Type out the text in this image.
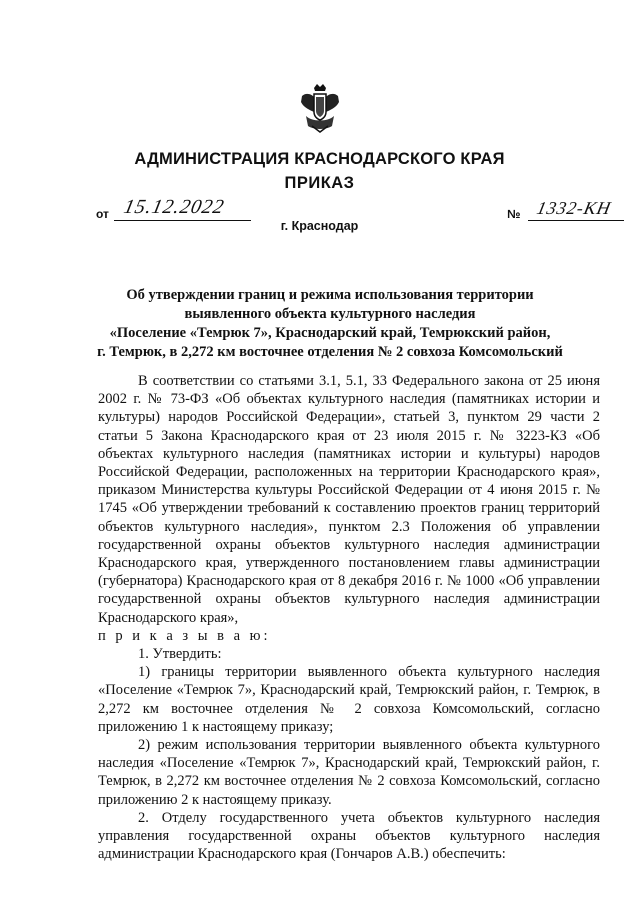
АДМИНИСТРАЦИЯ КРАСНОДАРСКОГО КРАЯ
ПРИКАЗ
от 15.12.2022
г. Краснодар
№ 1332-КН
Об утверждении границ и режима использования территории
выявленного объекта культурного наследия
«Поселение «Темрюк 7», Краснодарский край, Темрюкский район,
г. Темрюк, в 2,272 км восточнее отделения № 2 совхоза Комсомольский

В соответствии со статьями 3.1, 5.1, 33 Федерального закона от 25 июня 2002 г. № 73-ФЗ «Об объектах культурного наследия (памятниках истории и культуры) народов Российской Федерации», статьей 3, пунктом 29 части 2 статьи 5 Закона Краснодарского края от 23 июля 2015 г. № 3223-КЗ «Об объектах культурного наследия (памятниках истории и культуры) народов Российской Федерации, расположенных на территории Краснодарского края», приказом Министерства культуры Российской Федерации от 4 июня 2015 г. № 1745 «Об утверждении требований к составлению проектов границ территорий объектов культурного наследия», пунктом 2.3 Положения об управлении государственной охраны объектов культурного наследия администрации Краснодарского края, утвержденного постановлением главы администрации (губернатора) Краснодарского края от 8 декабря 2016 г. № 1000 «Об управлении государственной охраны объектов культурного наследия администрации Краснодарского края»,

п р и к а з ы в а ю:

1. Утвердить:

1) границы территории выявленного объекта культурного наследия «Поселение «Темрюк 7», Краснодарский край, Темрюкский район, г. Темрюк, в 2,272 км восточнее отделения № 2 совхоза Комсомольский, согласно приложению 1 к настоящему приказу;

2) режим использования территории выявленного объекта культурного наследия «Поселение «Темрюк 7», Краснодарский край, Темрюкский район, г. Темрюк, в 2,272 км восточнее отделения № 2 совхоза Комсомольский, согласно приложению 2 к настоящему приказу.

2. Отделу государственного учета объектов культурного наследия управления государственной охраны объектов культурного наследия администрации Краснодарского края (Гончаров А.В.) обеспечить:
